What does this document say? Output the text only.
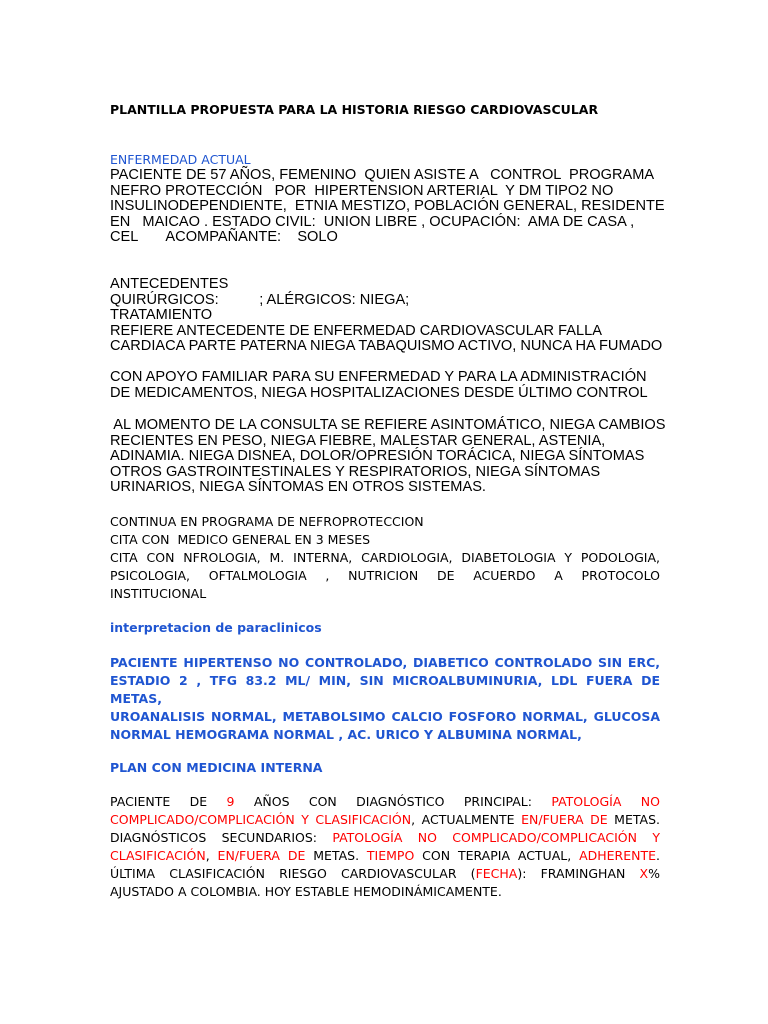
PLANTILLA PROPUESTA PARA LA HISTORIA RIESGO CARDIOVASCULAR
ENFERMEDAD ACTUAL
PACIENTE DE 57 AÑOS, FEMENINO  QUIEN ASISTE A   CONTROL  PROGRAMA
NEFRO PROTECCIÓN   POR  HIPERTENSION ARTERIAL  Y DM TIPO2 NO
INSULINODEPENDIENTE,  ETNIA MESTIZO, POBLACIÓN GENERAL, RESIDENTE
EN   MAICAO . ESTADO CIVIL:  UNION LIBRE , OCUPACIÓN:  AMA DE CASA ,
CEL       ACOMPAÑANTE:    SOLO
ANTECEDENTES
QUIRÚRGICOS:          ; ALÉRGICOS: NIEGA;
TRATAMIENTO
REFIERE ANTECEDENTE DE ENFERMEDAD CARDIOVASCULAR FALLA
CARDIACA PARTE PATERNA NIEGA TABAQUISMO ACTIVO, NUNCA HA FUMADO
CON APOYO FAMILIAR PARA SU ENFERMEDAD Y PARA LA ADMINISTRACIÓN
DE MEDICAMENTOS, NIEGA HOSPITALIZACIONES DESDE ÚLTIMO CONTROL
AL MOMENTO DE LA CONSULTA SE REFIERE ASINTOMÁTICO, NIEGA CAMBIOS
RECIENTES EN PESO, NIEGA FIEBRE, MALESTAR GENERAL, ASTENIA,
ADINAMIA. NIEGA DISNEA, DOLOR/OPRESIÓN TORÁCICA, NIEGA SÍNTOMAS
OTROS GASTROINTESTINALES Y RESPIRATORIOS, NIEGA SÍNTOMAS
URINARIOS, NIEGA SÍNTOMAS EN OTROS SISTEMAS.
CONTINUA EN PROGRAMA DE NEFROPROTECCION
CITA CON  MEDICO GENERAL EN 3 MESES
CITA CON NFROLOGIA, M. INTERNA, CARDIOLOGIA, DIABETOLOGIA Y PODOLOGIA,
PSICOLOGIA, OFTALMOLOGIA , NUTRICION DE ACUERDO A PROTOCOLO
INSTITUCIONAL
interpretacion de paraclinicos
PACIENTE HIPERTENSO NO CONTROLADO, DIABETICO CONTROLADO SIN ERC,
ESTADIO 2 , TFG 83.2 ML/ MIN, SIN MICROALBUMINURIA, LDL FUERA DE METAS,
UROANALISIS NORMAL, METABOLSIMO CALCIO FOSFORO NORMAL, GLUCOSA
NORMAL HEMOGRAMA NORMAL , AC. URICO Y ALBUMINA NORMAL,
PLAN CON MEDICINA INTERNA
PACIENTE DE 9 AÑOS CON DIAGNÓSTICO PRINCIPAL: PATOLOGÍA NO
COMPLICADO/COMPLICACIÓN Y CLASIFICACIÓN, ACTUALMENTE EN/FUERA DE METAS.
DIAGNÓSTICOS SECUNDARIOS: PATOLOGÍA NO COMPLICADO/COMPLICACIÓN Y
CLASIFICACIÓN, EN/FUERA DE METAS. TIEMPO CON TERAPIA ACTUAL, ADHERENTE.
ÚLTIMA CLASIFICACIÓN RIESGO CARDIOVASCULAR (FECHA): FRAMINGHAN X%
AJUSTADO A COLOMBIA. HOY ESTABLE HEMODINÁMICAMENTE.
